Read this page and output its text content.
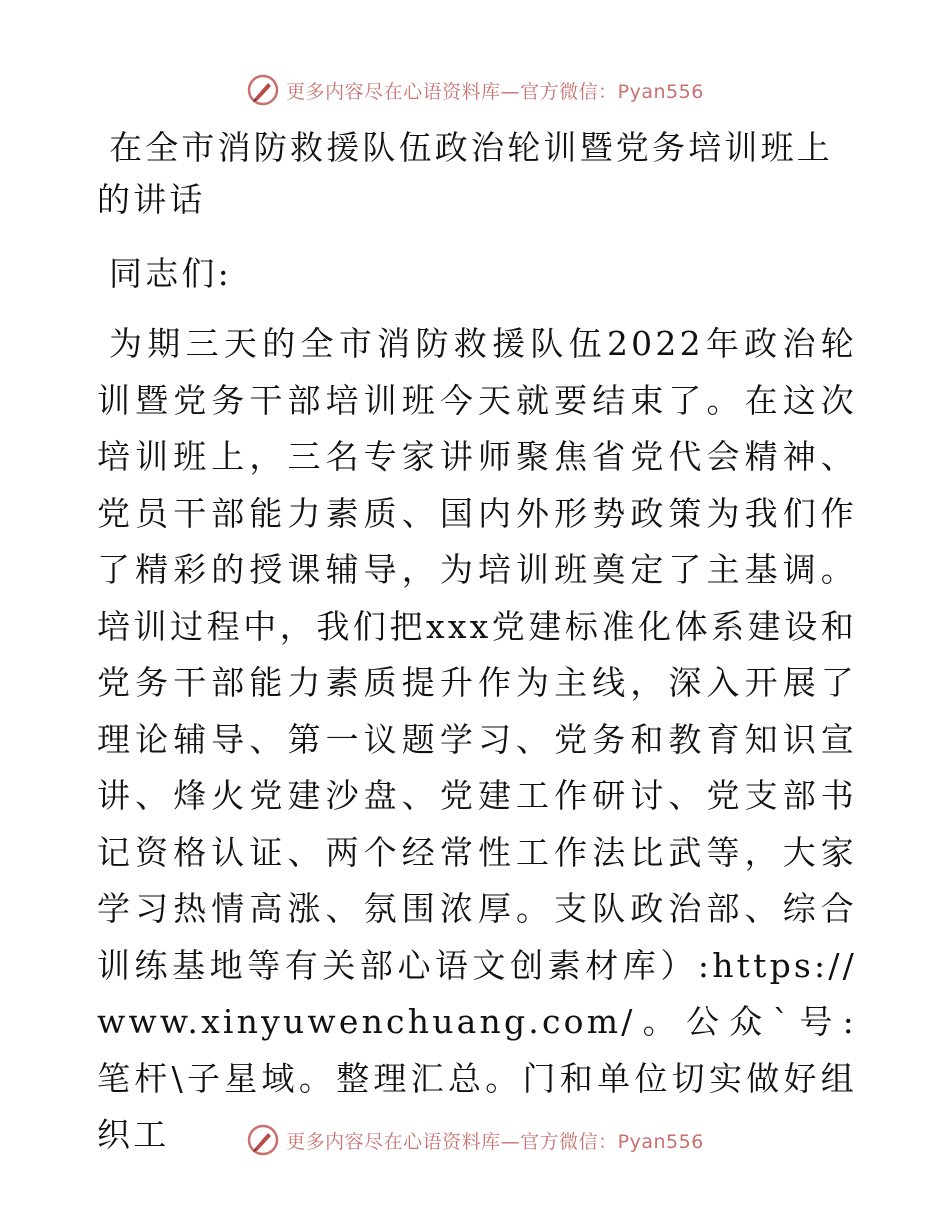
更多内容尽在心语资料库—官方微信：Pyan556
在全市消防救援队伍政治轮训暨党务培训班上的讲话

同志们:

为期三天的全市消防救援队伍2022年政治轮训暨党务干部培训班今天就要结束了。在这次培训班上，三名专家讲师聚焦省党代会精神、党员干部能力素质、国内外形势政策为我们作了精彩的授课辅导，为培训班奠定了主基调。培训过程中，我们把xxx党建标准化体系建设和党务干部能力素质提升作为主线，深入开展了理论辅导、第一议题学习、党务和教育知识宣讲、烽火党建沙盘、党建工作研讨、党支部书记资格认证、两个经常性工作法比武等，大家学习热情高涨、氛围浓厚。支队政治部、综合训练基地等有关部心语文创素材库）:https://www.xinyuwenchuang.com/。公众`号: 笔杆\子星域。整理汇总。门和单位切实做好组织工	更多内容尽在心语资料库—官方微信：Pyan556
